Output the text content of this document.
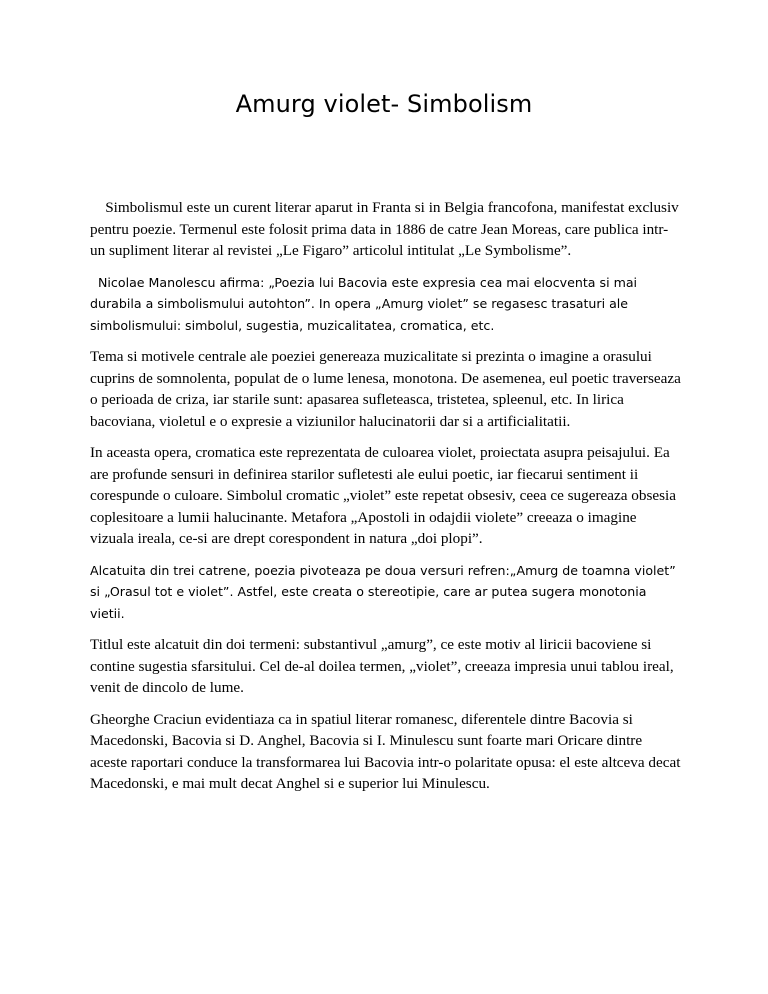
Amurg violet- Simbolism

Simbolismul este un curent literar aparut in Franta si in Belgia francofona, manifestat exclusiv pentru poezie. Termenul este folosit prima data in 1886 de catre Jean Moreas, care publica intr-un supliment literar al revistei „Le Figaro” articolul intitulat „Le Symbolisme”.

Nicolae Manolescu afirma: „Poezia lui Bacovia este expresia cea mai elocventa si mai durabila a simbolismului autohton”. In opera „Amurg violet” se regasesc trasaturi ale simbolismului: simbolul, sugestia, muzicalitatea, cromatica, etc.

Tema si motivele centrale ale poeziei genereaza muzicalitate si prezinta o imagine a orasului cuprins de somnolenta, populat de o lume lenesa, monotona. De asemenea, eul poetic traverseaza o perioada de criza, iar starile sunt: apasarea sufleteasca, tristetea, spleenul, etc. In lirica bacoviana, violetul e o expresie a viziunilor halucinatorii dar si a artificialitatii.

In aceasta opera, cromatica este reprezentata de culoarea violet, proiectata asupra peisajului. Ea are profunde sensuri in definirea starilor sufletesti ale eului poetic, iar fiecarui sentiment ii corespunde o culoare. Simbolul cromatic „violet” este repetat obsesiv, ceea ce sugereaza obsesia coplesitoare a lumii halucinante. Metafora „Apostoli in odajdii violete” creeaza o imagine vizuala ireala, ce-si are drept corespondent in natura „doi plopi”.

Alcatuita din trei catrene, poezia pivoteaza pe doua versuri refren:„Amurg de toamna violet” si „Orasul tot e violet”. Astfel, este creata o stereotipie, care ar putea sugera monotonia vietii.

Titlul este alcatuit din doi termeni: substantivul „amurg”, ce este motiv al liricii bacoviene si contine sugestia sfarsitului. Cel de-al doilea termen, „violet”, creeaza impresia unui tablou ireal, venit de dincolo de lume.

Gheorghe Craciun evidentiaza ca in spatiul literar romanesc, diferentele dintre Bacovia si Macedonski, Bacovia si D. Anghel, Bacovia si I. Minulescu sunt foarte mari Oricare dintre aceste raportari conduce la transformarea lui Bacovia intr-o polaritate opusa: el este altceva decat Macedonski, e mai mult decat Anghel si e superior lui Minulescu.
